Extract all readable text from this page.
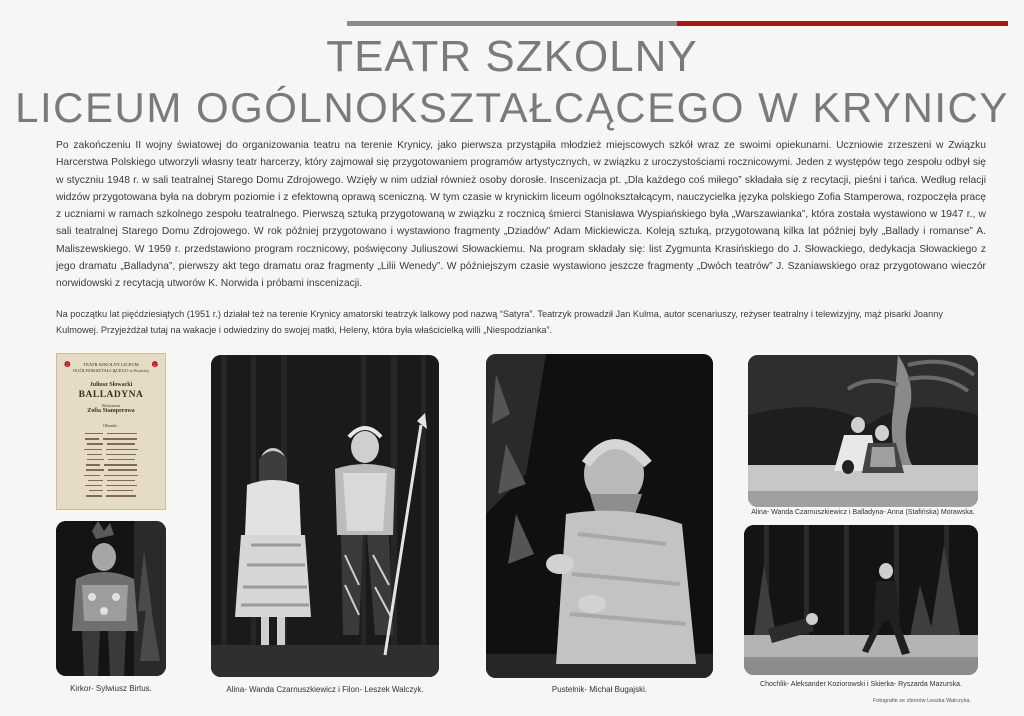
TEATR SZKOLNY
LICEUM OGÓLNOKSZTAŁCĄCEGO W KRYNICY

Po zakończeniu II wojny światowej do organizowania teatru na terenie Krynicy, jako pierwsza przystąpiła młodzież miejscowych szkół wraz ze swoimi opiekunami. Uczniowie zrzeszeni w Związku Harcerstwa Polskiego utworzyli własny teatr harcerzy, który zajmował się przygotowaniem programów artystycznych, w związku z uroczystościami rocznicowymi. Jeden z występów tego zespołu odbył się w styczniu 1948 r. w sali teatralnej Starego Domu Zdrojowego. Wzięły w nim udział również osoby dorosłe. Inscenizacja pt. „Dla każdego coś miłego” składała się z recytacji, pieśni i tańca. Według relacji widzów przygotowana była na dobrym poziomie i z efektowną oprawą sceniczną. W tym czasie w krynickim liceum ogólnokształcącym, nauczycielka języka polskiego Zofia Stamperowa, rozpoczęła pracę z uczniami w ramach szkolnego zespołu teatralnego. Pierwszą sztuką przygotowaną w związku z rocznicą śmierci Stanisława Wyspiańskiego była „Warszawianka”, która została wystawiono w 1947 r., w sali teatralnej Starego Domu Zdrojowego. W rok później przygotowano i wystawiono fragmenty „Dziadów” Adam Mickiewicza. Koleją sztuką, przygotowaną kilka lat później były „Ballady i romanse” A. Maliszewskiego. W 1959 r. przedstawiono program rocznicowy, poświęcony Juliuszowi Słowackiemu. Na program składały się: list Zygmunta Krasińskiego do J. Słowackiego, dedykacja Słowackiego z jego dramatu „Balladyna”, pierwszy akt tego dramatu oraz fragmenty „Lilii Wenedy”. W późniejszym czasie wystawiono jeszcze fragmenty „Dwóch teatrów” J. Szaniawskiego oraz przygotowano wieczór norwidowski z recytacją utworów K. Norwida i próbami inscenizacji.

Na początku lat pięćdziesiątych (1951 r.) działał też na terenie Krynicy amatorski teatrzyk lalkowy pod nazwą “Satyra”. Teatrzyk prowadził Jan Kulma, autor scenariuszy, reżyser teatralny i telewizyjny, mąż pisarki Joanny Kulmowej. Przyjeżdżał tutaj na wakacje i odwiedziny do swojej matki, Heleny, która była właścicielką willi „Niespodzianka”.

☻	☻
TEATR SZKOLNY LICEUM OGÓLNOKSZTAŁCĄCEGO w Krynicy
Juliusz Słowacki
BALLADYNA
Reżyseria
Zofia Stamperowa
Obsada :
Kirkor- Sylwiusz Birtus.	Alina- Wanda Czarnuszkiewicz i Filon- Leszek Walczyk.	Pustelnik- Michał Bugajski.
Alina- Wanda Czarnuszkiewicz i Balladyna- Anna (Stafińska) Morawska.
Chochlik- Aleksander Koziorowski i Skierka- Ryszarda Mazurska.
Fotografie ze zbiorów Leszka Walczyka.
